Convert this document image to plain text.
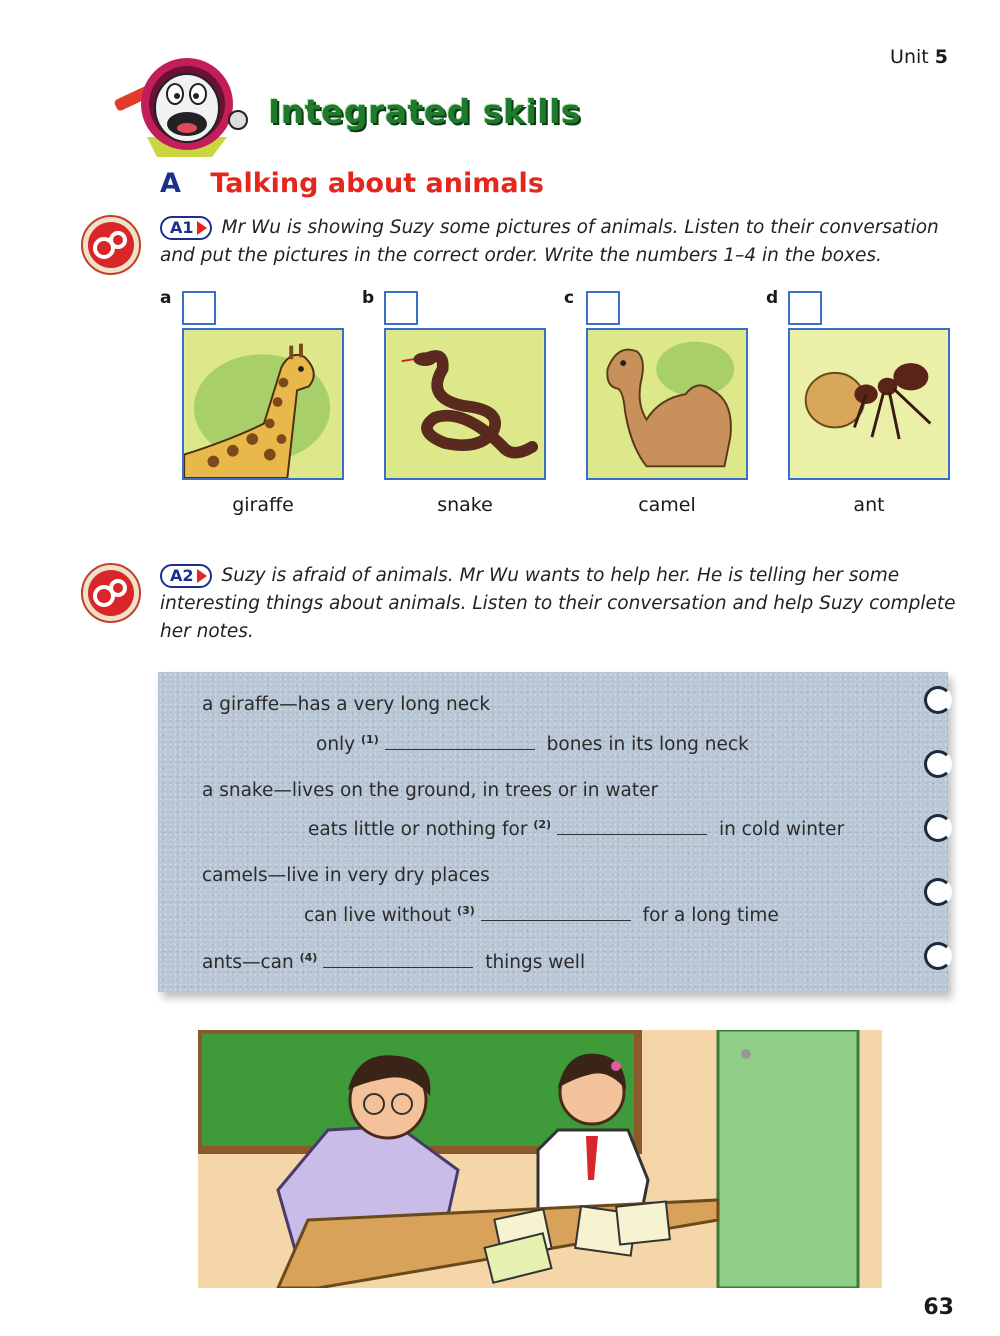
Unit 5
Integrated skills
A Talking about animals
A1 Mr Wu is showing Suzy some pictures of animals. Listen to their conversation and put the pictures in the correct order. Write the numbers 1–4 in the boxes.
a
giraffe
b
snake
c
camel
d
ant
A2 Suzy is afraid of animals. Mr Wu wants to help her. He is telling her some interesting things about animals. Listen to their conversation and help Suzy complete her notes.
a giraffe—has a very long neck
only $^{(1)}$	bones in its long neck
a snake—lives on the ground, in trees or in water
eats little or nothing for $^{(2)}$	in cold winter
camels—live in very dry places
can live without $^{(3)}$	for a long time
ants—can $^{(4)}$	things well
63
